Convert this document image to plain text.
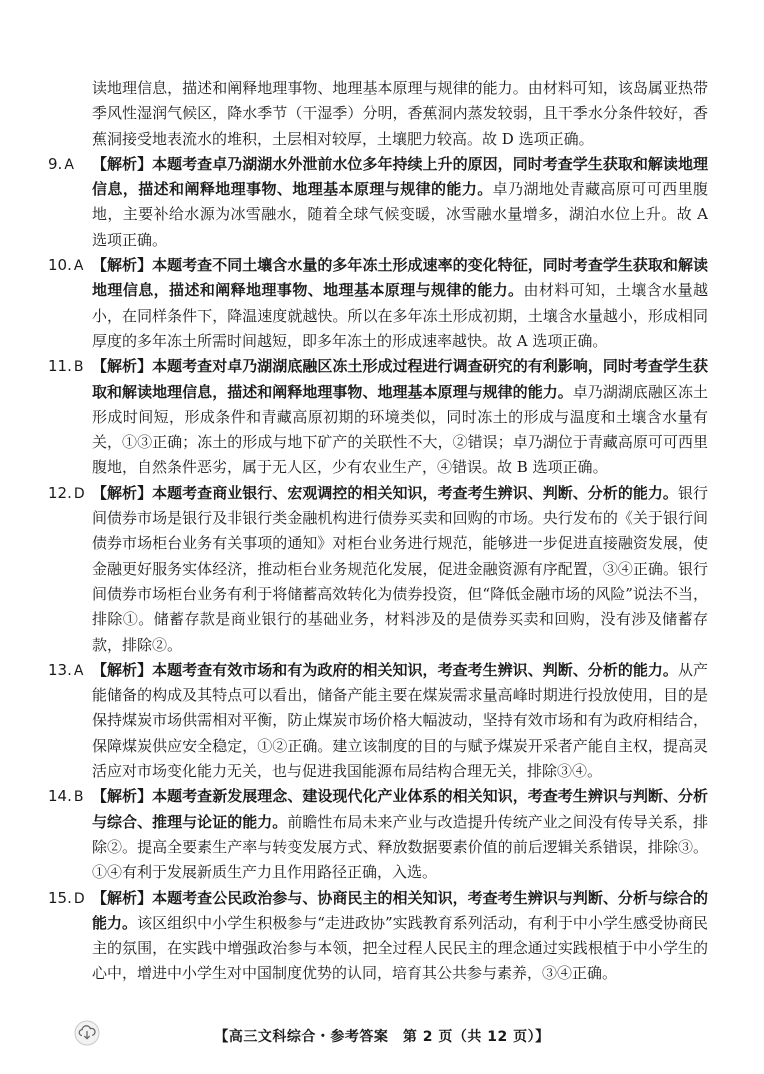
读地理信息，描述和阐释地理事物、地理基本原理与规律的能力。由材料可知，该岛属亚热带季风性湿润气候区，降水季节（干湿季）分明，香蕉洞内蒸发较弱，且干季水分条件较好，香蕉洞接受地表流水的堆积，土层相对较厚，土壤肥力较高。故 D 选项正确。

9. A 【解析】本题考查卓乃湖湖水外泄前水位多年持续上升的原因，同时考查学生获取和解读地理信息，描述和阐释地理事物、地理基本原理与规律的能力。卓乃湖地处青藏高原可可西里腹地，主要补给水源为冰雪融水，随着全球气候变暖，冰雪融水量增多，湖泊水位上升。故 A 选项正确。

10. A 【解析】本题考查不同土壤含水量的多年冻土形成速率的变化特征，同时考查学生获取和解读地理信息，描述和阐释地理事物、地理基本原理与规律的能力。由材料可知，土壤含水量越小，在同样条件下，降温速度就越快。所以在多年冻土形成初期，土壤含水量越小，形成相同厚度的多年冻土所需时间越短，即多年冻土的形成速率越快。故 A 选项正确。

11. B 【解析】本题考查对卓乃湖湖底融区冻土形成过程进行调查研究的有利影响，同时考查学生获取和解读地理信息，描述和阐释地理事物、地理基本原理与规律的能力。卓乃湖湖底融区冻土形成时间短，形成条件和青藏高原初期的环境类似，同时冻土的形成与温度和土壤含水量有关，①③正确；冻土的形成与地下矿产的关联性不大，②错误；卓乃湖位于青藏高原可可西里腹地，自然条件恶劣，属于无人区，少有农业生产，④错误。故 B 选项正确。

12. D 【解析】本题考查商业银行、宏观调控的相关知识，考查考生辨识、判断、分析的能力。银行间债券市场是银行及非银行类金融机构进行债券买卖和回购的市场。央行发布的《关于银行间债券市场柜台业务有关事项的通知》对柜台业务进行规范，能够进一步促进直接融资发展，使金融更好服务实体经济，推动柜台业务规范化发展，促进金融资源有序配置，③④正确。银行间债券市场柜台业务有利于将储蓄高效转化为债券投资，但“降低金融市场的风险”说法不当，排除①。储蓄存款是商业银行的基础业务，材料涉及的是债券买卖和回购，没有涉及储蓄存款，排除②。

13. A 【解析】本题考查有效市场和有为政府的相关知识，考查考生辨识、判断、分析的能力。从产能储备的构成及其特点可以看出，储备产能主要在煤炭需求量高峰时期进行投放使用，目的是保持煤炭市场供需相对平衡，防止煤炭市场价格大幅波动，坚持有效市场和有为政府相结合，保障煤炭供应安全稳定，①②正确。建立该制度的目的与赋予煤炭开采者产能自主权，提高灵活应对市场变化能力无关，也与促进我国能源布局结构合理无关，排除③④。

14. B 【解析】本题考查新发展理念、建设现代化产业体系的相关知识，考查考生辨识与判断、分析与综合、推理与论证的能力。前瞻性布局未来产业与改造提升传统产业之间没有传导关系，排除②。提高全要素生产率与转变发展方式、释放数据要素价值的前后逻辑关系错误，排除③。①④有利于发展新质生产力且作用路径正确，入选。

15. D 【解析】本题考查公民政治参与、协商民主的相关知识，考查考生辨识与判断、分析与综合的能力。该区组织中小学生积极参与“走进政协”实践教育系列活动，有利于中小学生感受协商民主的氛围，在实践中增强政治参与本领，把全过程人民民主的理念通过实践根植于中小学生的心中，增进中小学生对中国制度优势的认同，培育其公共参与素养，③④正确。

【高三文科综合・参考答案　第 2 页（共 12 页）】
